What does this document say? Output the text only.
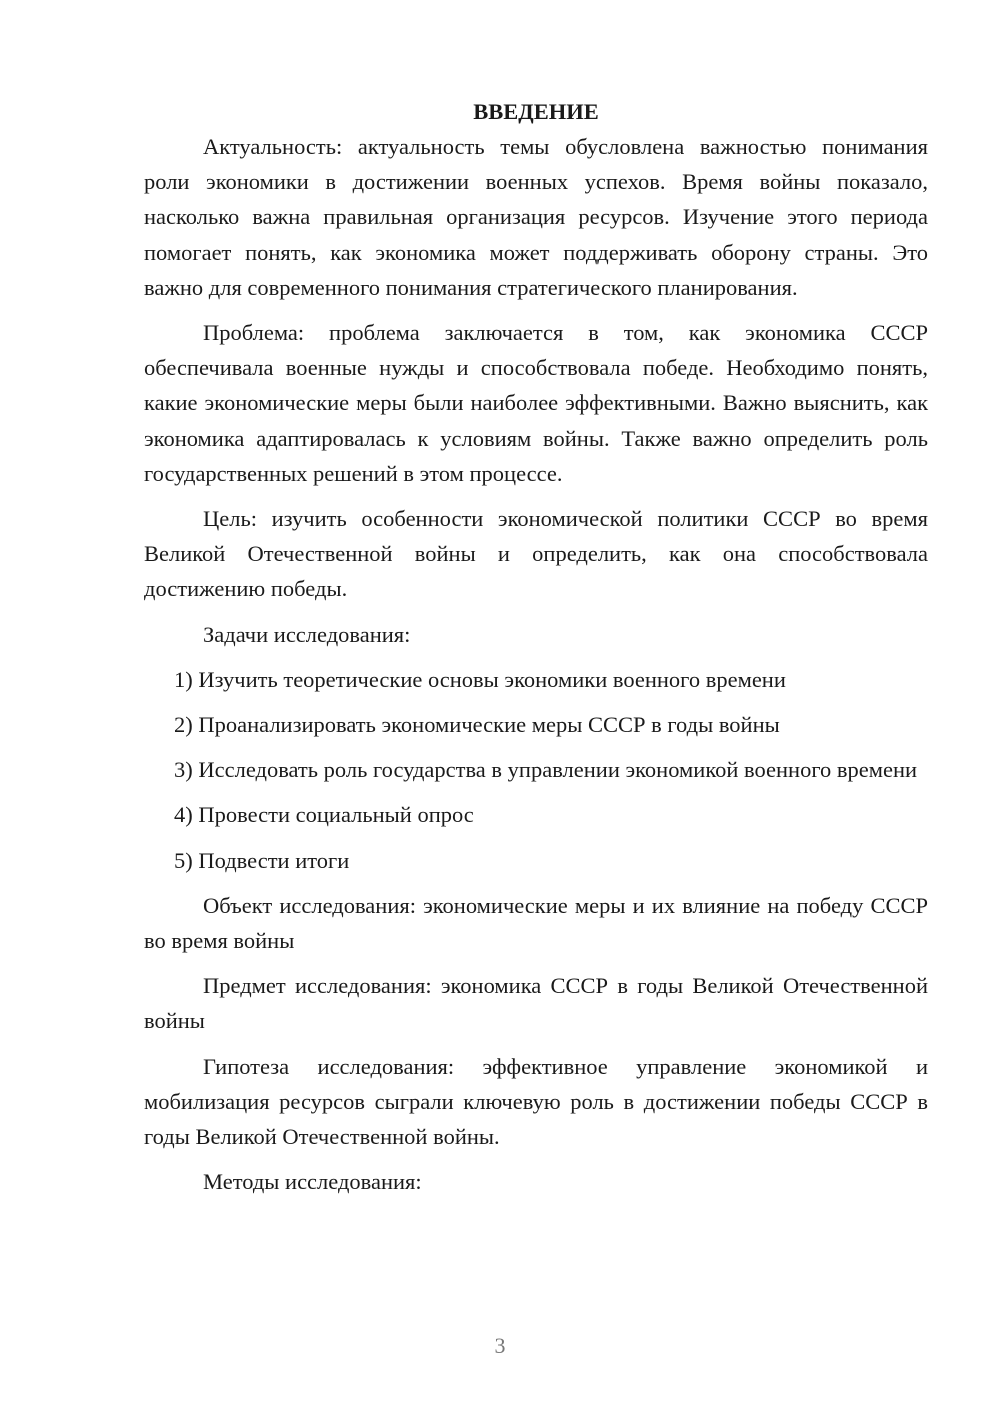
ВВЕДЕНИЕ

Актуальность: актуальность темы обусловлена важностью понимания роли экономики в достижении военных успехов. Время войны показало, насколько важна правильная организация ресурсов. Изучение этого периода помогает понять, как экономика может поддерживать оборону страны. Это важно для современного понимания стратегического планирования.

Проблема: проблема заключается в том, как экономика СССР обеспечивала военные нужды и способствовала победе. Необходимо понять, какие экономические меры были наиболее эффективными. Важно выяснить, как экономика адаптировалась к условиям войны. Также важно определить роль государственных решений в этом процессе.

Цель: изучить особенности экономической политики СССР во время Великой Отечественной войны и определить, как она способствовала достижению победы.

Задачи исследования:

1) Изучить теоретические основы экономики военного времени

2) Проанализировать экономические меры СССР в годы войны

3) Исследовать роль государства в управлении экономикой военного времени

4) Провести социальный опрос

5) Подвести итоги

Объект исследования: экономические меры и их влияние на победу СССР во время войны

Предмет исследования: экономика СССР в годы Великой Отечественной войны

Гипотеза исследования: эффективное управление экономикой и мобилизация ресурсов сыграли ключевую роль в достижении победы СССР в годы Великой Отечественной войны.

Методы исследования:

3
